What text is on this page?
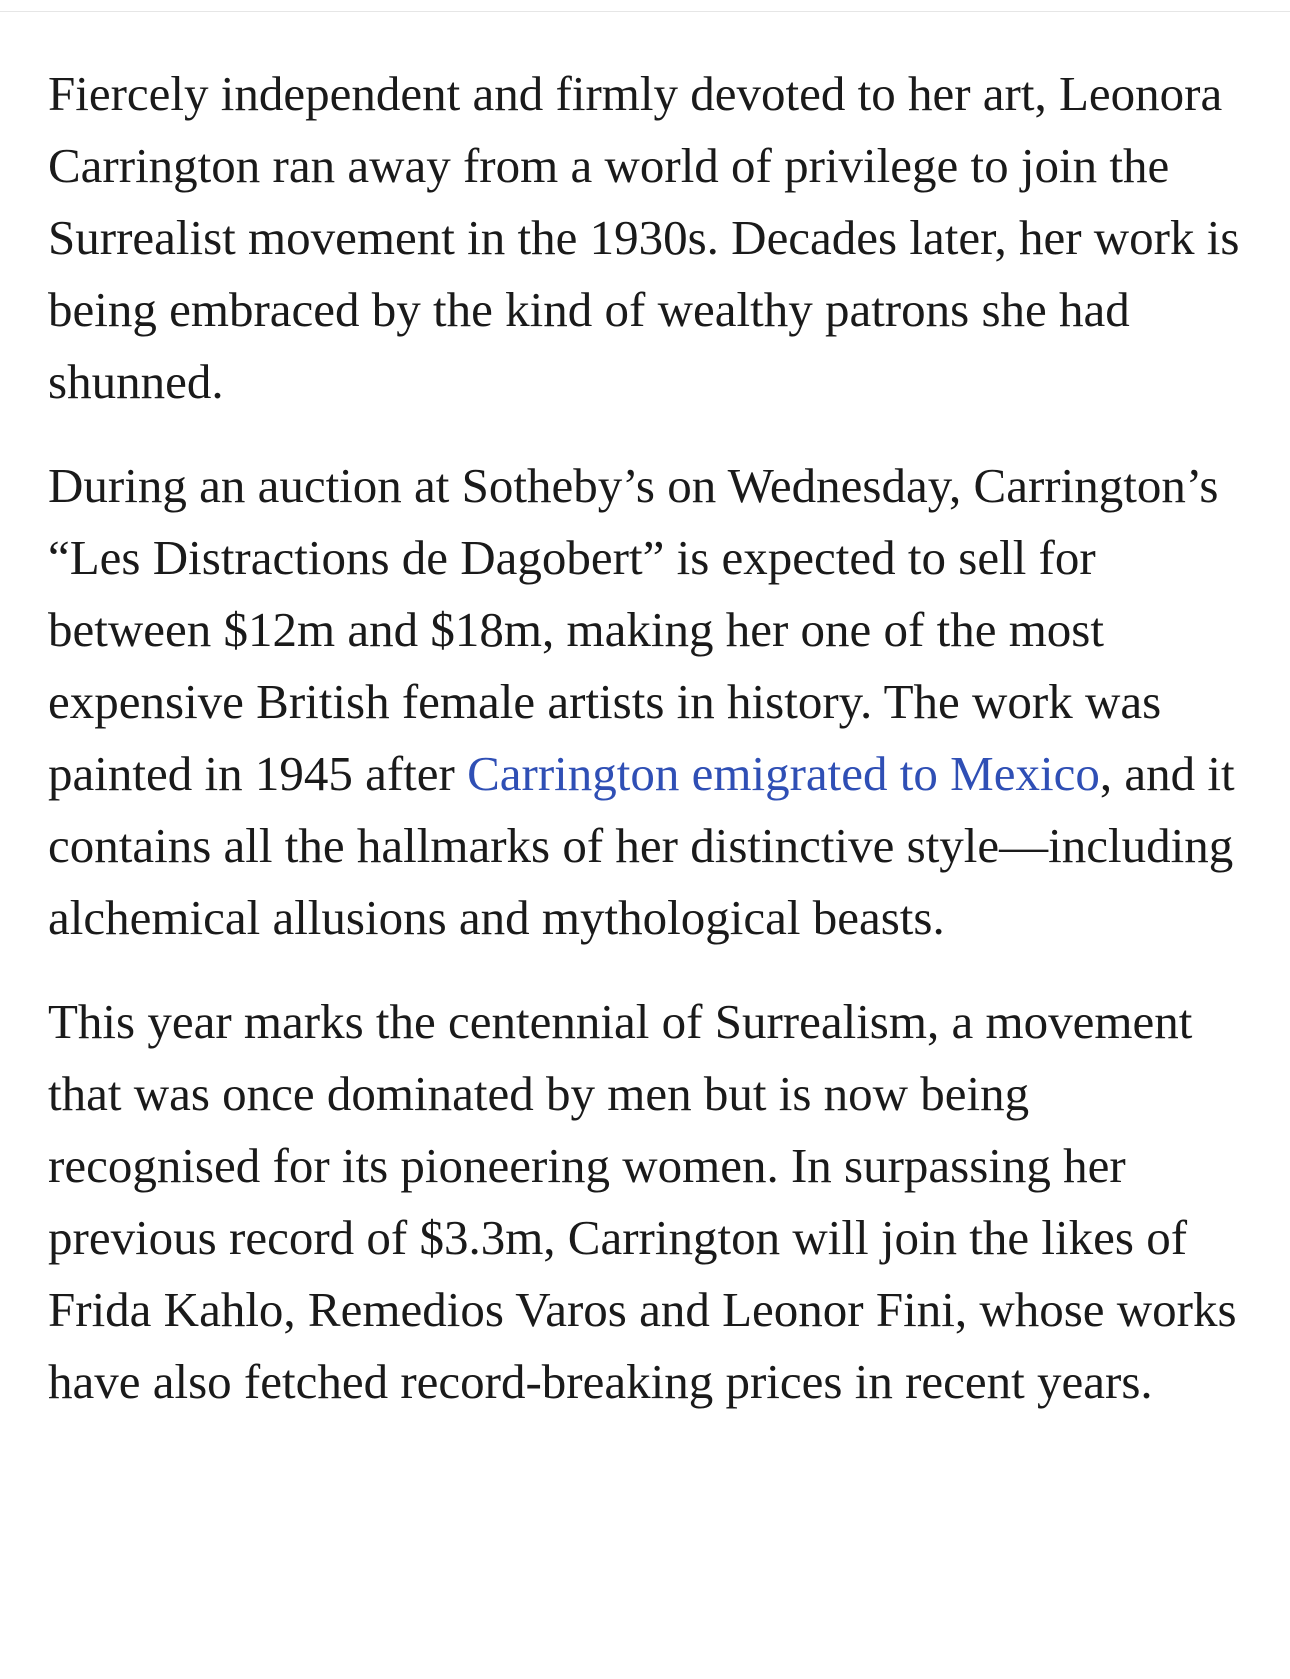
Fiercely independent and firmly devoted to her art, Leonora Carrington ran away from a world of privilege to join the Surrealist movement in the 1930s. Decades later, her work is being embraced by the kind of wealthy patrons she had shunned.

During an auction at Sotheby’s on Wednesday, Carrington’s “Les Distractions de Dagobert” is expected to sell for between $12m and $18m, making her one of the most expensive British female artists in history. The work was painted in 1945 after Carrington emigrated to Mexico, and it contains all the hallmarks of her distinctive style—including alchemical allusions and mythological beasts.

This year marks the centennial of Surrealism, a movement that was once dominated by men but is now being recognised for its pioneering women. In surpassing her previous record of $3.3m, Carrington will join the likes of Frida Kahlo, Remedios Varos and Leonor Fini, whose works have also fetched record-breaking prices in recent years.
